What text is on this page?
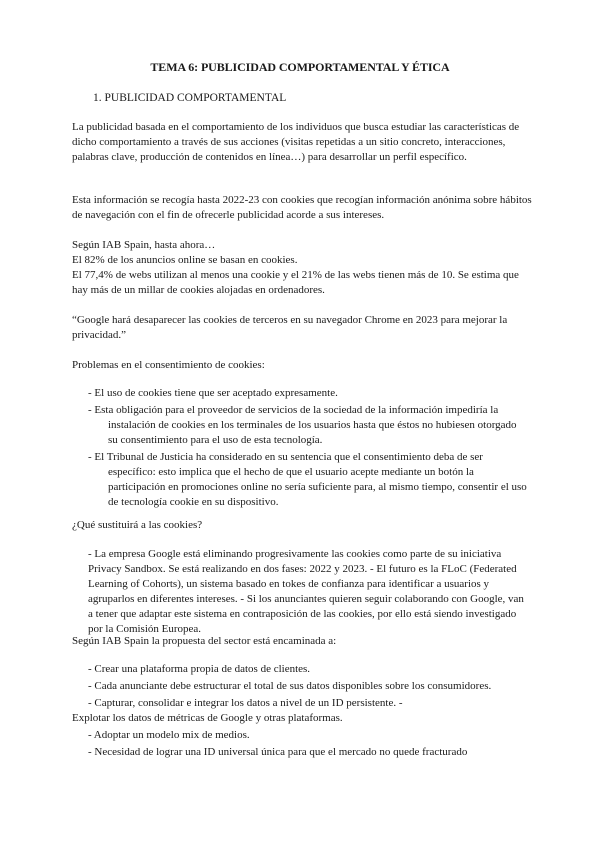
TEMA 6: PUBLICIDAD COMPORTAMENTAL Y ÉTICA
1. PUBLICIDAD COMPORTAMENTAL

La publicidad basada en el comportamiento de los individuos que busca estudiar las características de dicho comportamiento a través de sus acciones (visitas repetidas a un sitio concreto, interacciones, palabras clave, producción de contenidos en línea…) para desarrollar un perfil específico.

Esta información se recogía hasta 2022-23 con cookies que recogían información anónima sobre hábitos de navegación con el fin de ofrecerle publicidad acorde a sus intereses.

Según IAB Spain, hasta ahora…

El 82% de los anuncios online se basan en cookies.

El 77,4% de webs utilizan al menos una cookie y el 21% de las webs tienen más de 10. Se estima que hay más de un millar de cookies alojadas en ordenadores.

“Google hará desaparecer las cookies de terceros en su navegador Chrome en 2023 para mejorar la privacidad.”

Problemas en el consentimiento de cookies:

- El uso de cookies tiene que ser aceptado expresamente.

- Esta obligación para el proveedor de servicios de la sociedad de la información impediría la instalación de cookies en los terminales de los usuarios hasta que éstos no hubiesen otorgado su consentimiento para el uso de esta tecnología.

- El Tribunal de Justicia ha considerado en su sentencia que el consentimiento deba de ser específico: esto implica que el hecho de que el usuario acepte mediante un botón la participación en promociones online no sería suficiente para, al mismo tiempo, consentir el uso de tecnología cookie en su dispositivo.

¿Qué sustituirá a las cookies?

- La empresa Google está eliminando progresivamente las cookies como parte de su iniciativa Privacy Sandbox. Se está realizando en dos fases: 2022 y 2023. - El futuro es la FLoC (Federated Learning of Cohorts), un sistema basado en tokes de confianza para identificar a usuarios y agruparlos en diferentes intereses. - Si los anunciantes quieren seguir colaborando con Google, van a tener que adaptar este sistema en contraposición de las cookies, por ello está siendo investigado por la Comisión Europea.

Según IAB Spain la propuesta del sector está encaminada a:

- Crear una plataforma propia de datos de clientes.

- Cada anunciante debe estructurar el total de sus datos disponibles sobre los consumidores.

- Capturar, consolidar e integrar los datos a nivel de un ID persistente. -

Explotar los datos de métricas de Google y otras plataformas.

- Adoptar un modelo mix de medios.

- Necesidad de lograr una ID universal única para que el mercado no quede fracturado
